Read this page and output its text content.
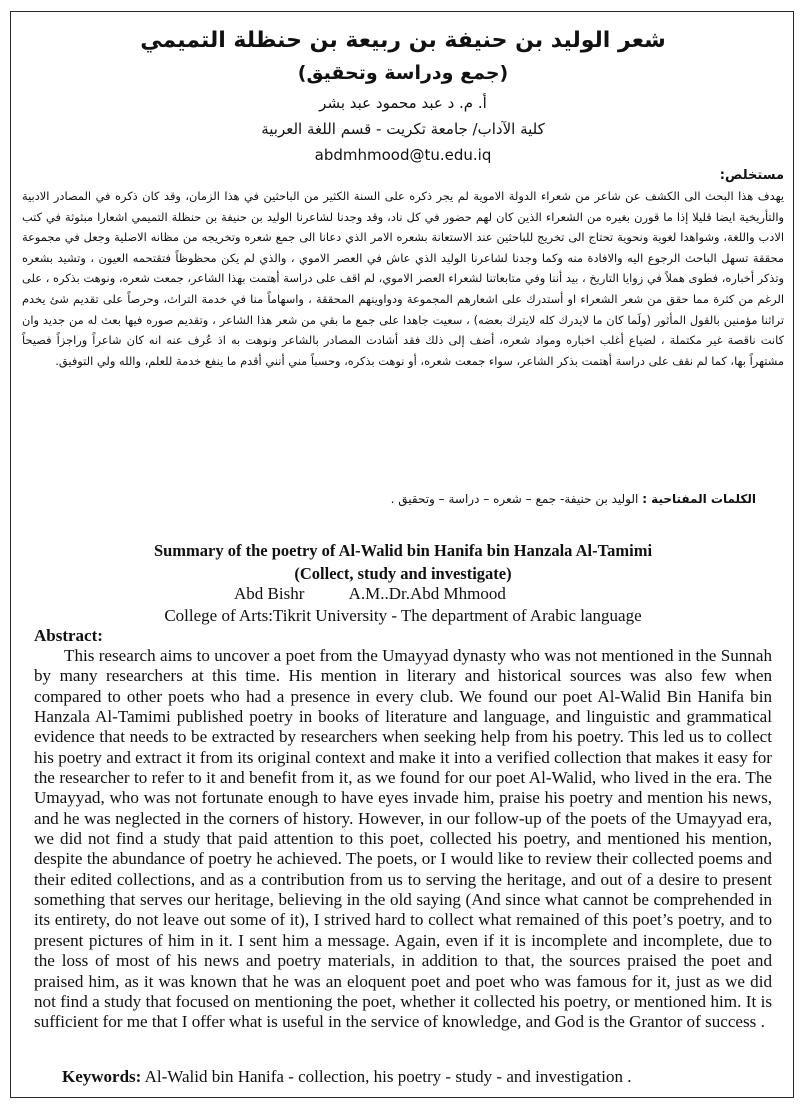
شعر الوليد بن حنيفة بن ربيعة بن حنظلة التميمي
(جمع ودراسة وتحقيق)
أ. م. د عبد محمود عبد بشر
كلية الآداب/ جامعة تكريت - قسم اللغة العربية
abdmhmood@tu.edu.iq
مستخلص:
يهدف هذا البحث الى الكشف عن شاعر من شعراء الدولة الاموية لم يجر ذكره على السنة الكثير من الباحثين في هذا الزمان، وقد كان ذكره في المصادر الادبية والتأريخية ايضا قليلا إذا ما قورن بغيره من الشعراء الذين كان لهم حضور في كل ناد، وقد وجدنا لشاعرنا الوليد بن حنيفة بن حنظلة التميمي اشعارا مبثوثة في كتب الادب واللغة، وشواهدا لغوية ونحوية تحتاج الى تخريج للباحثين عند الاستعانة بشعره الامر الذي دعانا الى جمع شعره وتخريجه من مظانه الاصلية وجعل في مجموعة محققة تسهل الباحث الرجوع اليه والافادة منه وكما وجدنا لشاعرنا الوليد الذي عاش في العصر الاموي ، والذي لم يكن محظوظاً فتقتحمه العيون ، وتشيد بشعره وتذكر أخباره، فطوى هملاً في زوايا التاريخ ، بيد أننا وفي متابعاتنا لشعراء العصر الاموي، لم اقف على دراسة أهتمت بهذا الشاعر، جمعت شعره، ونوهت بذكره ، على الرغم من كثرة مما حقق من شعر الشعراء او أستدرك على اشعارهم المجموعة ودواوينهم المحققة ، واسهاماً منا في خدمة التراث، وحرصاً على تقديم شئ يخدم تراثنا مؤمنين بالقول المأثور (ولَما كان ما لايدرك كله لايترك بعضه) ، سعيت جاهدا على جمع ما بقي من شعر هذا الشاعر ، وتقديم صوره فيها بعث له من جديد وان كانت ناقصة غير مكتملة ، لضياع أغلب اخباره ومواد شعره، أضف إلى ذلك فقد أشادت المصادر بالشاعر ونوهت به اذ عُرف عنه انه كان شاعراً وراجزاً فصيحاً مشتهراً بها، كما لم نقف على دراسة أهتمت بذكر الشاعر، سواء جمعت شعره، أو نوهت بذكره، وحسباً مني أنني أقدم ما ينفع خدمة للعلم، والله ولي التوفيق.
الكلمات المفتاحية : الوليد بن حنيفة- جمع – شعره – دراسة – وتحقيق .
Summary of the poetry of Al-Walid bin Hanifa bin Hanzala Al-Tamimi
(Collect, study and investigate)
Abd Bishr	A.M..Dr.Abd Mhmood
College of Arts:Tikrit University - The department of Arabic language
Abstract:
This research aims to uncover a poet from the Umayyad dynasty who was not mentioned in the Sunnah by many researchers at this time. His mention in literary and historical sources was also few when compared to other poets who had a presence in every club. We found our poet Al-Walid Bin Hanifa bin Hanzala Al-Tamimi published poetry in books of literature and language, and linguistic and grammatical evidence that needs to be extracted by researchers when seeking help from his poetry. This led us to collect his poetry and extract it from its original context and make it into a verified collection that makes it easy for the researcher to refer to it and benefit from it, as we found for our poet Al-Walid, who lived in the era. The Umayyad, who was not fortunate enough to have eyes invade him, praise his poetry and mention his news, and he was neglected in the corners of history. However, in our follow-up of the poets of the Umayyad era, we did not find a study that paid attention to this poet, collected his poetry, and mentioned his mention, despite the abundance of poetry he achieved. The poets, or I would like to review their collected poems and their edited collections, and as a contribution from us to serving the heritage, and out of a desire to present something that serves our heritage, believing in the old saying (And since what cannot be comprehended in its entirety, do not leave out some of it), I strived hard to collect what remained of this poet’s poetry, and to present pictures of him in it. I sent him a message. Again, even if it is incomplete and incomplete, due to the loss of most of his news and poetry materials, in addition to that, the sources praised the poet and praised him, as it was known that he was an eloquent poet and poet who was famous for it, just as we did not find a study that focused on mentioning the poet, whether it collected his poetry, or mentioned him. It is sufficient for me that I offer what is useful in the service of knowledge, and God is the Grantor of success .
Keywords: Al-Walid bin Hanifa - collection, his poetry - study - and investigation .
